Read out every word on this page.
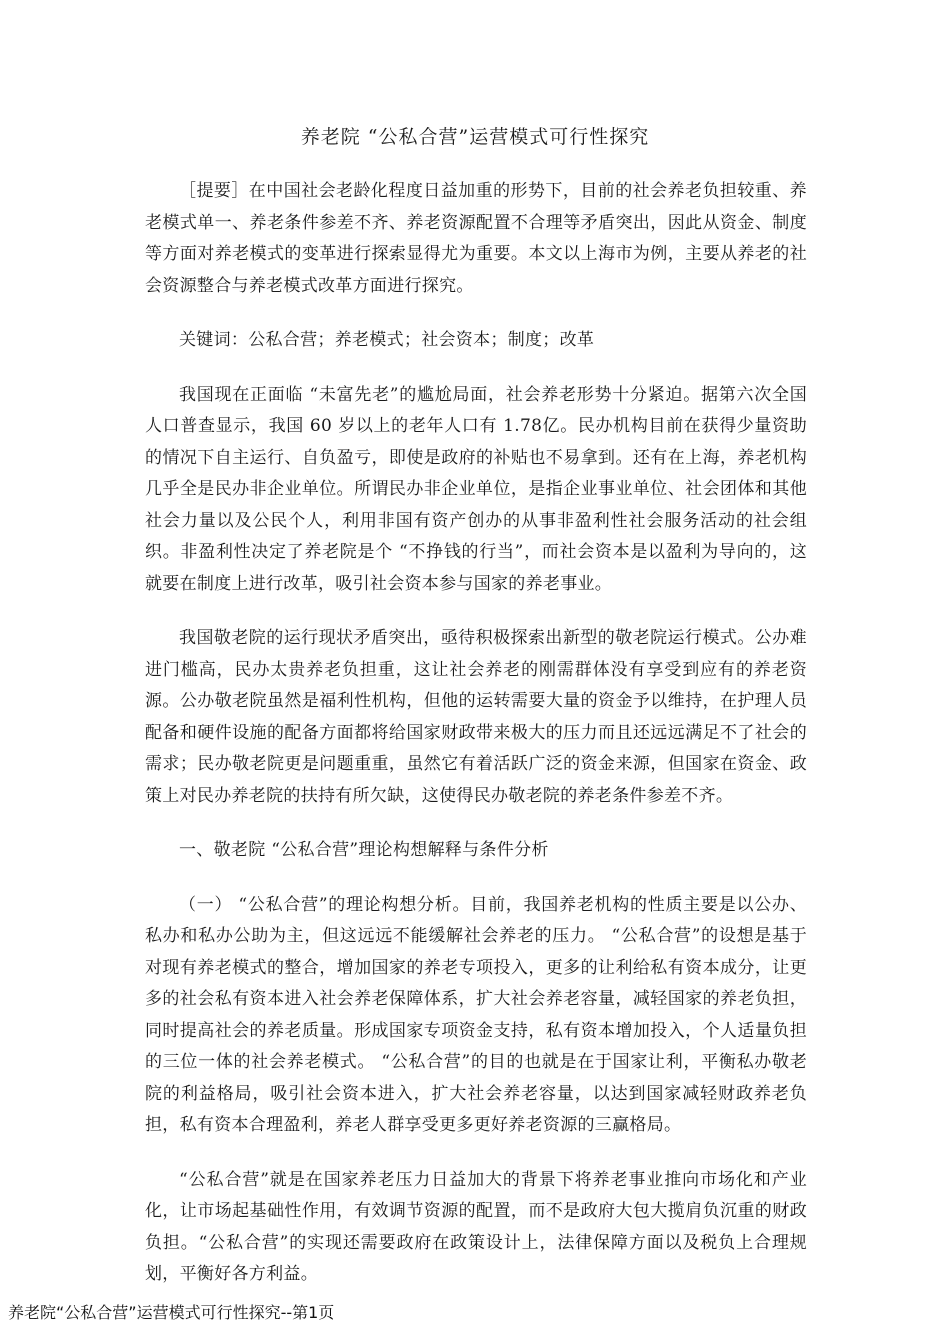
养老院 “公私合营”运营模式可行性探究

［提要］在中国社会老龄化程度日益加重的形势下，目前的社会养老负担较重、养老模式单一、养老条件参差不齐、养老资源配置不合理等矛盾突出，因此从资金、制度等方面对养老模式的变革进行探索显得尤为重要。本文以上海市为例，主要从养老的社会资源整合与养老模式改革方面进行探究。

关键词：公私合营；养老模式；社会资本；制度；改革

我国现在正面临 “未富先老”的尴尬局面，社会养老形势十分紧迫。据第六次全国人口普查显示，我国 60 岁以上的老年人口有 1.78亿。民办机构目前在获得少量资助的情况下自主运行、自负盈亏，即使是政府的补贴也不易拿到。还有在上海，养老机构几乎全是民办非企业单位。所谓民办非企业单位，是指企业事业单位、社会团体和其他社会力量以及公民个人，利用非国有资产创办的从事非盈利性社会服务活动的社会组织。非盈利性决定了养老院是个 “不挣钱的行当”，而社会资本是以盈利为导向的，这就要在制度上进行改革，吸引社会资本参与国家的养老事业。

我国敬老院的运行现状矛盾突出，亟待积极探索出新型的敬老院运行模式。公办难进门槛高，民办太贵养老负担重，这让社会养老的刚需群体没有享受到应有的养老资源。公办敬老院虽然是福利性机构，但他的运转需要大量的资金予以维持，在护理人员配备和硬件设施的配备方面都将给国家财政带来极大的压力而且还远远满足不了社会的需求；民办敬老院更是问题重重，虽然它有着活跃广泛的资金来源，但国家在资金、政策上对民办养老院的扶持有所欠缺，这使得民办敬老院的养老条件参差不齐。

一、敬老院 “公私合营”理论构想解释与条件分析

（一） “公私合营”的理论构想分析。目前，我国养老机构的性质主要是以公办、私办和私办公助为主，但这远远不能缓解社会养老的压力。 “公私合营”的设想是基于对现有养老模式的整合，增加国家的养老专项投入，更多的让利给私有资本成分，让更多的社会私有资本进入社会养老保障体系，扩大社会养老容量，减轻国家的养老负担，同时提高社会的养老质量。形成国家专项资金支持，私有资本增加投入，个人适量负担的三位一体的社会养老模式。 “公私合营”的目的也就是在于国家让利，平衡私办敬老院的利益格局，吸引社会资本进入，扩大社会养老容量，以达到国家减轻财政养老负担，私有资本合理盈利，养老人群享受更多更好养老资源的三赢格局。

“公私合营”就是在国家养老压力日益加大的背景下将养老事业推向市场化和产业化，让市场起基础性作用，有效调节资源的配置，而不是政府大包大揽肩负沉重的财政负担。“公私合营”的实现还需要政府在政策设计上，法律保障方面以及税负上合理规划，平衡好各方利益。

养老院“公私合营”运营模式可行性探究--第1页
